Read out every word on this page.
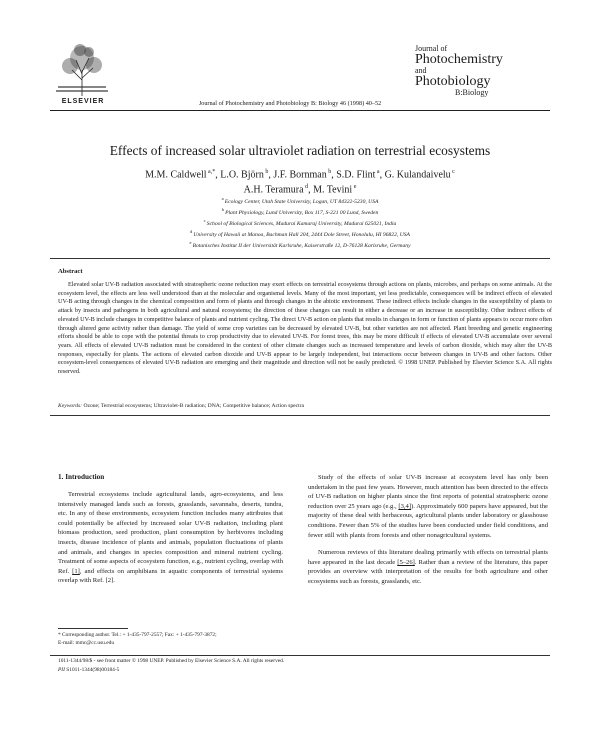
ELSEVIER	Journal of Photochemistry and Photobiology B: Biology 46 (1998) 40–52
Journal of
Photochemistry
and
Photobiology
B:Biology
Effects of increased solar ultraviolet radiation on terrestrial ecosystems
M.M. Caldwell $^{a,*}$, L.O. Björn $^b$, J.F. Bornman $^b$, S.D. Flint $^a$, G. Kulandaivelu $^c$
A.H. Teramura $^d$, M. Tevini $^e$
$^a$ Ecology Center, Utah State University, Logan, UT 84322-5230, USA
$^b$ Plant Physiology, Lund University, Box 117, S-221 00 Lund, Sweden
$^c$ School of Biological Sciences, Madurai Kamaraj University, Madurai 625021, India
$^d$ University of Hawaii at Manoa, Bachman Hall 204, 2444 Dole Street, Honolulu, HI 96822, USA
$^e$ Botanisches Institut II der Universität Karlsruhe, Kaiserstraße 12, D-76128 Karlsruhe, Germany
Abstract
Elevated solar UV-B radiation associated with stratospheric ozone reduction may exert effects on terrestrial ecosystems through actions on plants, microbes, and perhaps on some animals. At the ecosystem level, the effects are less well understood than at the molecular and organismal levels. Many of the most important, yet less predictable, consequences will be indirect effects of elevated UV-B acting through changes in the chemical composition and form of plants and through changes in the abiotic environment. These indirect effects include changes in the susceptibility of plants to attack by insects and pathogens in both agricultural and natural ecosystems; the direction of these changes can result in either a decrease or an increase in susceptibility. Other indirect effects of elevated UV-B include changes in competitive balance of plants and nutrient cycling. The direct UV-B action on plants that results in changes in form or function of plants appears to occur more often through altered gene activity rather than damage. The yield of some crop varieties can be decreased by elevated UV-B, but other varieties are not affected. Plant breeding and genetic engineering efforts should be able to cope with the potential threats to crop productivity due to elevated UV-B. For forest trees, this may be more difficult if effects of elevated UV-B accumulate over several years. All effects of elevated UV-B radiation must be considered in the context of other climate changes such as increased temperature and levels of carbon dioxide, which may alter the UV-B responses, especially for plants. The actions of elevated carbon dioxide and UV-B appear to be largely independent, but interactions occur between changes in UV-B and other factors. Other ecosystem-level consequences of elevated UV-B radiation are emerging and their magnitude and direction will not be easily predicted. © 1998 UNEP. Published by Elsevier Science S.A. All rights reserved.
Keywords: Ozone; Terrestrial ecosystems; Ultraviolet-B radiation; DNA; Competitive balance; Action spectra
1. Introduction

Terrestrial ecosystems include agricultural lands, agro-ecosystems, and less intensively managed lands such as forests, grasslands, savannahs, deserts, tundra, etc. In any of these environments, ecosystem function includes many attributes that could potentially be affected by increased solar UV-B radiation, including plant biomass production, seed production, plant consumption by herbivores including insects, disease incidence of plants and animals, population fluctuations of plants and animals, and changes in species composition and mineral nutrient cycling. Treatment of some aspects of ecosystem function, e.g., nutrient cycling, overlap with Ref. [1], and effects on amphibians in aquatic components of terrestrial systems overlap with Ref. [2].

Study of the effects of solar UV-B increase at ecosystem level has only been undertaken in the past few years. However, much attention has been directed to the effects of UV-B radiation on higher plants since the first reports of potential stratospheric ozone reduction over 25 years ago (e.g., [3,4]). Approximately 600 papers have appeared, but the majority of these deal with herbaceous, agricultural plants under laboratory or glasshouse conditions. Fewer than 5% of the studies have been conducted under field conditions, and fewer still with plants from forests and other nonagricultural systems.

Numerous reviews of this literature dealing primarily with effects on terrestrial plants have appeared in the last decade [5–26]. Rather than a review of the literature, this paper provides an overview with interpretation of the results for both agriculture and other ecosystems such as forests, grasslands, etc.

* Corresponding author. Tel.: + 1-435-797-2557; Fax: + 1-435-797-3872;
E-mail: mmc@cc.usu.edu
1011-1344/98/$ - see front matter © 1998 UNEP. Published by Elsevier Science S.A. All rights reserved.
PII S1011-1344(98)00184-5
